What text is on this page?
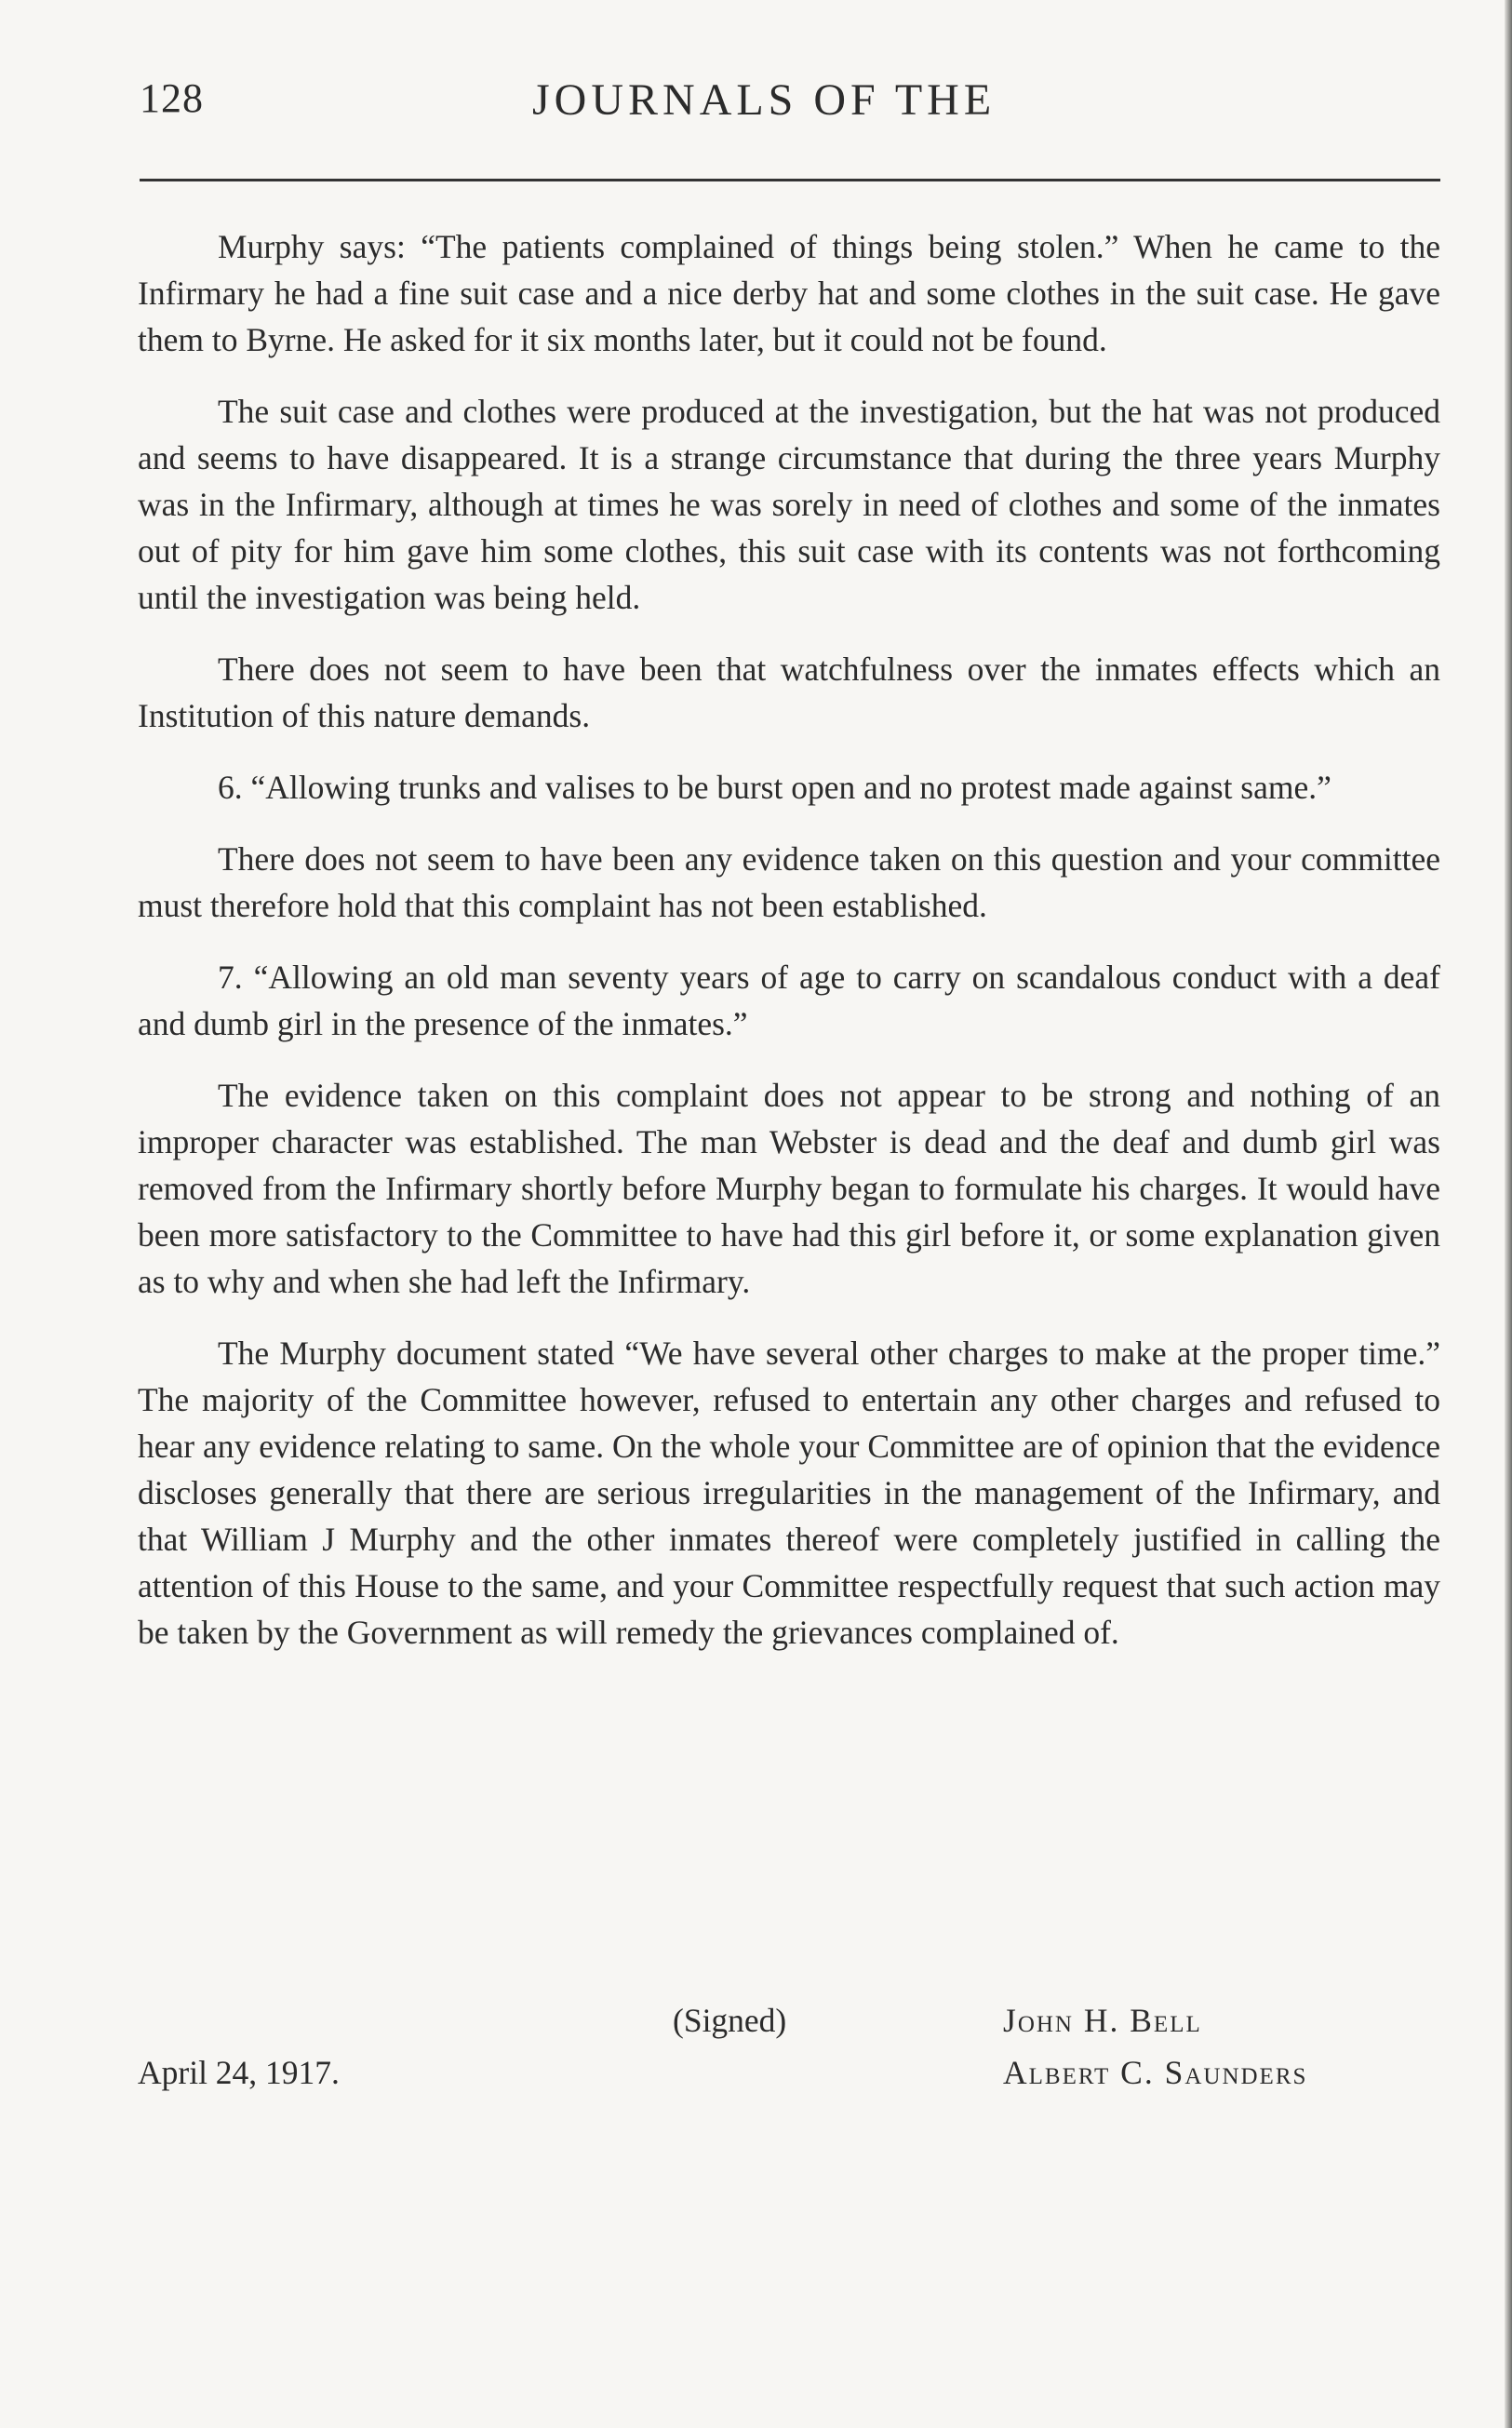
128	JOURNALS OF THE

Murphy says: “The patients complained of things being stolen.” When he came to the Infirmary he had a fine suit case and a nice derby hat and some clothes in the suit case. He gave them to Byrne. He asked for it six months later, but it could not be found.

The suit case and clothes were produced at the investigation, but the hat was not produced and seems to have disappeared. It is a strange circumstance that during the three years Murphy was in the Infirmary, although at times he was sorely in need of clothes and some of the inmates out of pity for him gave him some clothes, this suit case with its contents was not forthcoming until the investigation was being held.

There does not seem to have been that watchfulness over the inmates effects which an Institution of this nature demands.

6. “Allowing trunks and valises to be burst open and no protest made against same.”

There does not seem to have been any evidence taken on this question and your committee must therefore hold that this complaint has not been established.

7. “Allowing an old man seventy years of age to carry on scandalous conduct with a deaf and dumb girl in the presence of the inmates.”

The evidence taken on this complaint does not appear to be strong and nothing of an improper character was established. The man Webster is dead and the deaf and dumb girl was removed from the Infirmary shortly before Murphy began to formulate his charges. It would have been more satisfactory to the Committee to have had this girl before it, or some explanation given as to why and when she had left the Infirmary.

The Murphy document stated “We have several other charges to make at the proper time.” The majority of the Committee however, refused to entertain any other charges and refused to hear any evidence relating to same. On the whole your Committee are of opinion that the evidence discloses generally that there are serious irregularities in the management of the Infirmary, and that William J Murphy and the other inmates thereof were completely justified in calling the attention of this House to the same, and your Committee respectfully request that such action may be taken by the Government as will remedy the grievances complained of.

(Signed)	John H. Bell
April 24, 1917.	Albert C. Saunders
